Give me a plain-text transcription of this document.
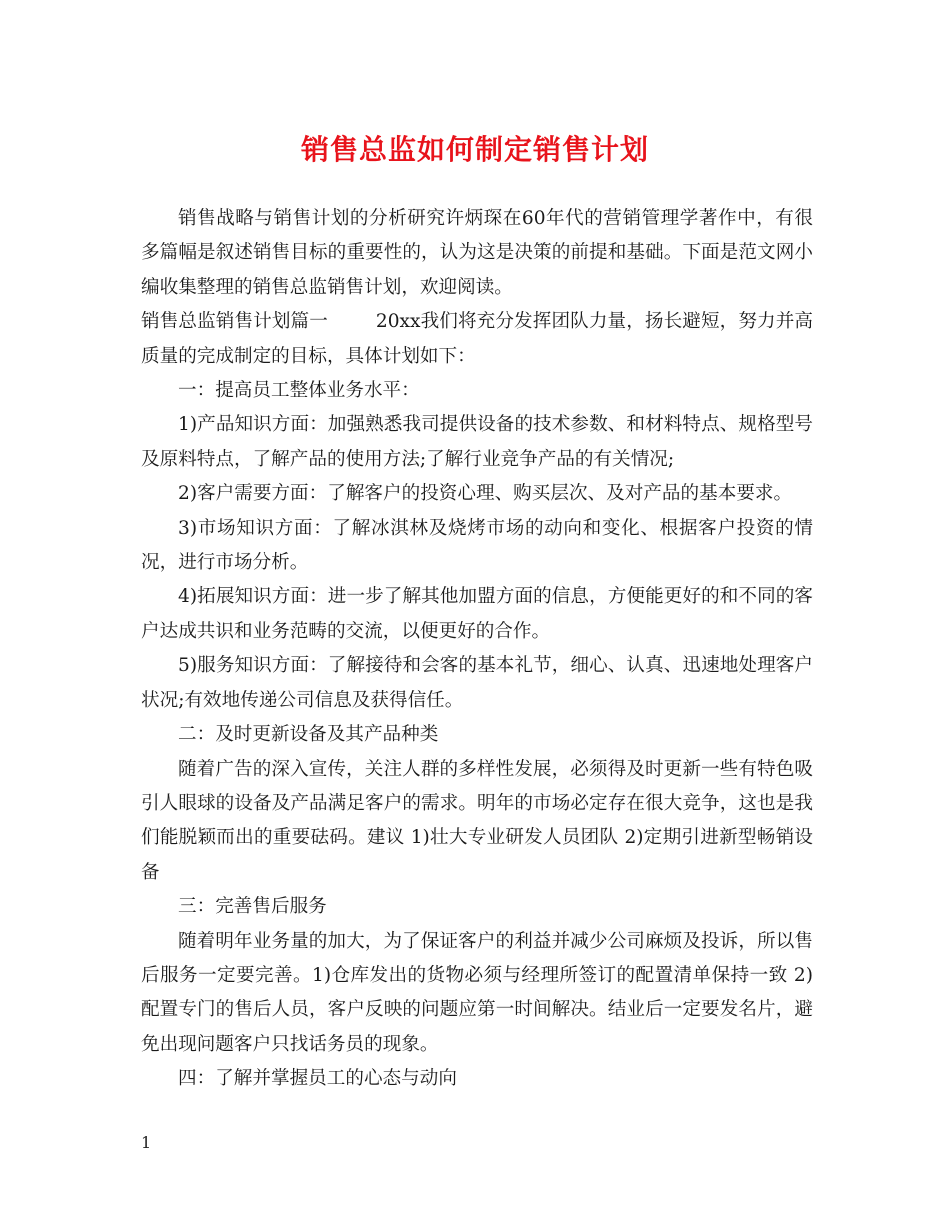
销售总监如何制定销售计划

销售战略与销售计划的分析研究许炳琛在60年代的营销管理学著作中，有很多篇幅是叙述销售目标的重要性的，认为这是决策的前提和基础。下面是范文网小编收集整理的销售总监销售计划，欢迎阅读。

销售总监销售计划篇一	20xx我们将充分发挥团队力量，扬长避短，努力并高质量的完成制定的目标，具体计划如下：

一：提高员工整体业务水平：

1)产品知识方面：加强熟悉我司提供设备的技术参数、和材料特点、规格型号及原料特点，了解产品的使用方法;了解行业竞争产品的有关情况;

2)客户需要方面：了解客户的投资心理、购买层次、及对产品的基本要求。

3)市场知识方面：了解冰淇林及烧烤市场的动向和变化、根据客户投资的情况，进行市场分析。

4)拓展知识方面：进一步了解其他加盟方面的信息，方便能更好的和不同的客户达成共识和业务范畴的交流，以便更好的合作。

5)服务知识方面：了解接待和会客的基本礼节，细心、认真、迅速地处理客户状况;有效地传递公司信息及获得信任。

二：及时更新设备及其产品种类

随着广告的深入宣传，关注人群的多样性发展，必须得及时更新一些有特色吸引人眼球的设备及产品满足客户的需求。明年的市场必定存在很大竞争，这也是我们能脱颖而出的重要砝码。建议 1)壮大专业研发人员团队 2)定期引进新型畅销设备

三：完善售后服务

随着明年业务量的加大，为了保证客户的利益并减少公司麻烦及投诉，所以售后服务一定要完善。1)仓库发出的货物必须与经理所签订的配置清单保持一致 2)配置专门的售后人员，客户反映的问题应第一时间解决。结业后一定要发名片，避免出现问题客户只找话务员的现象。

四：了解并掌握员工的心态与动向

1
